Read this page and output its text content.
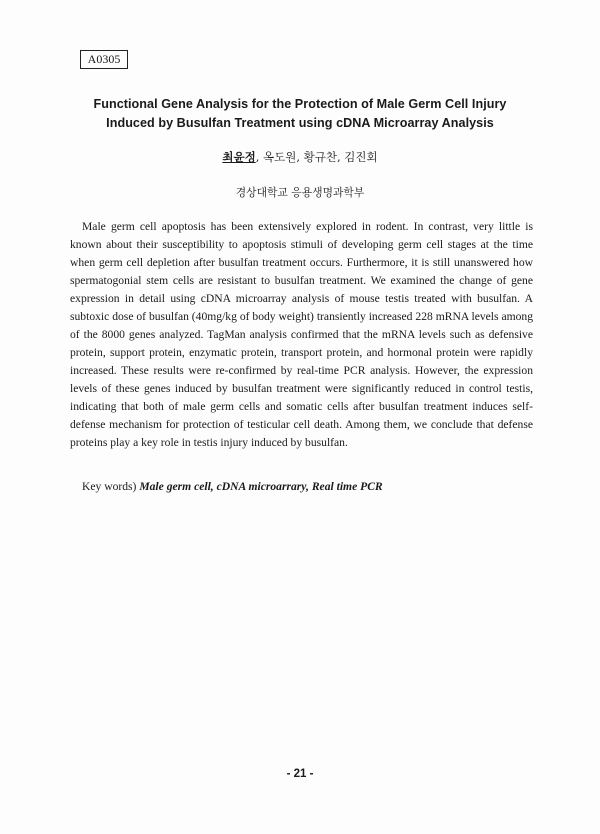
A0305
Functional Gene Analysis for the Protection of Male Germ Cell Injury
Induced by Busulfan Treatment using cDNA Microarray Analysis
최윤정, 옥도원, 황규찬, 김진회
경상대학교 응용생명과학부

Male germ cell apoptosis has been extensively explored in rodent. In contrast, very little is known about their susceptibility to apoptosis stimuli of developing germ cell stages at the time when germ cell depletion after busulfan treatment occurs. Furthermore, it is still unanswered how spermatogonial stem cells are resistant to busulfan treatment. We examined the change of gene expression in detail using cDNA microarray analysis of mouse testis treated with busulfan. A subtoxic dose of busulfan (40mg/kg of body weight) transiently increased 228 mRNA levels among of the 8000 genes analyzed. TagMan analysis confirmed that the mRNA levels such as defensive protein, support protein, enzymatic protein, transport protein, and hormonal protein were rapidly increased. These results were re-confirmed by real-time PCR analysis. However, the expression levels of these genes induced by busulfan treatment were significantly reduced in control testis, indicating that both of male germ cells and somatic cells after busulfan treatment induces self-defense mechanism for protection of testicular cell death. Among them, we conclude that defense proteins play a key role in testis injury induced by busulfan.

Key words) Male germ cell, cDNA microarrary, Real time PCR
- 21 -
